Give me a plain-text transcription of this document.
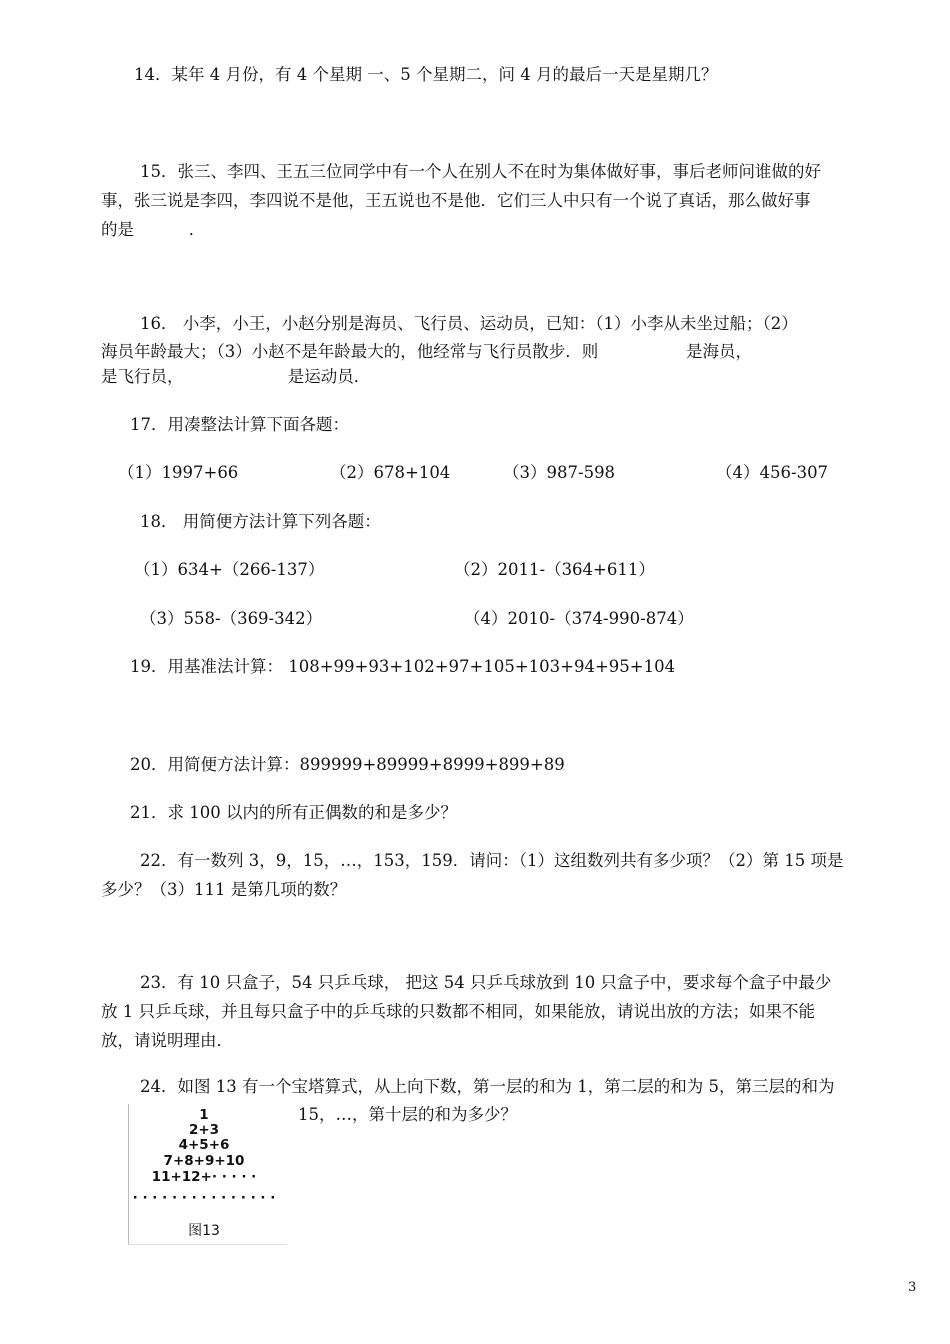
14．某年 4 月份，有 4 个星期 一、5 个星期二，问 4 月的最后一天是星期几？
15．张三、李四、王五三位同学中有一个人在别人不在时为集体做好事，事后老师问谁做的好
事，张三说是李四，李四说不是他，王五说也不是他．它们三人中只有一个说了真话，那么做好事
的是 　　　．
16． 小李，小王，小赵分别是海员、飞行员、运动员，已知：（1）小李从未坐过船；（2）
海员年龄最大；（3）小赵不是年龄最大的，他经常与飞行员散步．则 　　　　　是海员，
是飞行员， 　　　　　　是运动员．
17．用凑整法计算下面各题：
（1）1997+66	（2）678+104	（3）987-598	（4）456-307
18． 用简便方法计算下列各题：
（1）634+（266-137）	（2）2011-（364+611）
（3）558-（369-342）	（4）2010-（374-990-874）
19．用基准法计算： 108+99+93+102+97+105+103+94+95+104
20．用简便方法计算：899999+89999+8999+899+89
21．求 100 以内的所有正偶数的和是多少？
22．有一数列 3，9，15，…，153，159．请问：（1）这组数列共有多少项？（2）第 15 项是
多少？（3）111 是第几项的数？
23．有 10 只盒子，54 只乒乓球， 把这 54 只乒乓球放到 10 只盒子中，要求每个盒子中最少
放 1 只乒乓球，并且每只盒子中的乒乓球的只数都不相同，如果能放，请说出放的方法；如果不能
放，请说明理由．
24．如图 13 有一个宝塔算式，从上向下数，第一层的和为 1，第二层的和为 5，第三层的和为
15，…，第十层的和为多少？
1
2+3
4+5+6
7+8+9+10
11+12+· · · · ·
· · · · · · · · · · · · · · ·
图13
3
